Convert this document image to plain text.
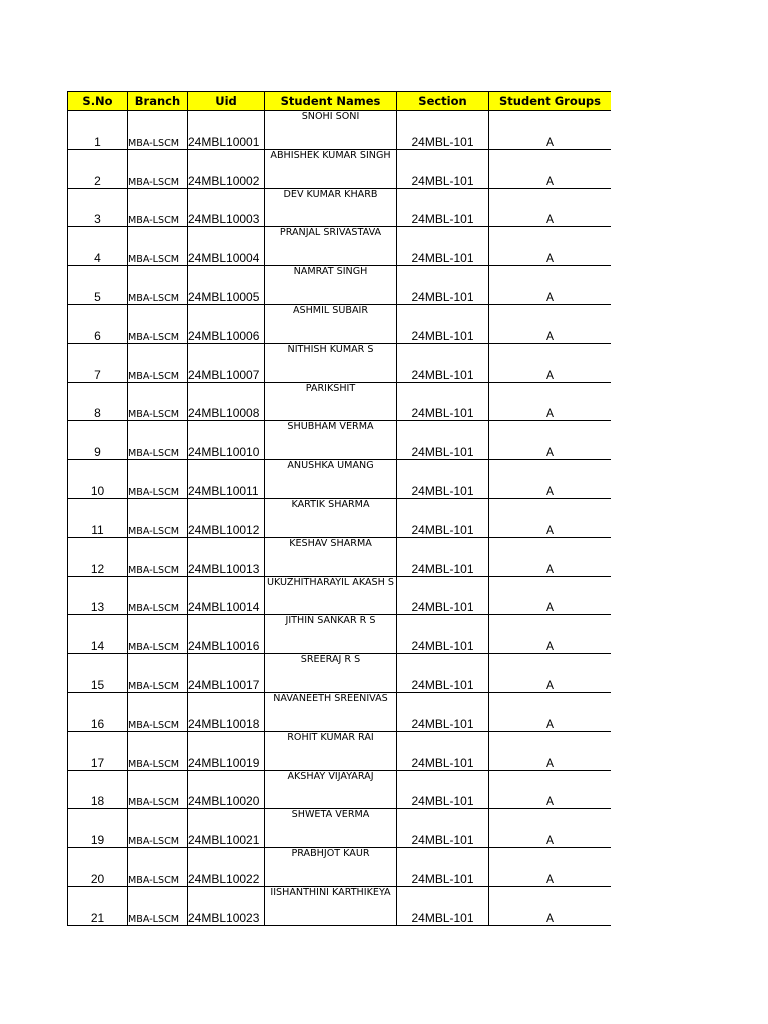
S.No	Branch	Uid	Student Names	Section	Student Groups
1	MBA-LSCM	24MBL10001	SNOHI SONI	24MBL-101	A
2	MBA-LSCM	24MBL10002	ABHISHEK KUMAR SINGH	24MBL-101	A
3	MBA-LSCM	24MBL10003	DEV KUMAR KHARB	24MBL-101	A
4	MBA-LSCM	24MBL10004	PRANJAL SRIVASTAVA	24MBL-101	A
5	MBA-LSCM	24MBL10005	NAMRAT SINGH	24MBL-101	A
6	MBA-LSCM	24MBL10006	ASHMIL SUBAIR	24MBL-101	A
7	MBA-LSCM	24MBL10007	NITHISH KUMAR S	24MBL-101	A
8	MBA-LSCM	24MBL10008	PARIKSHIT	24MBL-101	A
9	MBA-LSCM	24MBL10010	SHUBHAM VERMA	24MBL-101	A
10	MBA-LSCM	24MBL10011	ANUSHKA UMANG	24MBL-101	A
11	MBA-LSCM	24MBL10012	KARTIK SHARMA	24MBL-101	A
12	MBA-LSCM	24MBL10013	KESHAV SHARMA	24MBL-101	A
13	MBA-LSCM	24MBL10014	UKUZHITHARAYIL AKASH S	24MBL-101	A
14	MBA-LSCM	24MBL10016	JITHIN SANKAR R S	24MBL-101	A
15	MBA-LSCM	24MBL10017	SREERAJ R S	24MBL-101	A
16	MBA-LSCM	24MBL10018	NAVANEETH SREENIVAS	24MBL-101	A
17	MBA-LSCM	24MBL10019	ROHIT KUMAR RAI	24MBL-101	A
18	MBA-LSCM	24MBL10020	AKSHAY VIJAYARAJ	24MBL-101	A
19	MBA-LSCM	24MBL10021	SHWETA VERMA	24MBL-101	A
20	MBA-LSCM	24MBL10022	PRABHJOT KAUR	24MBL-101	A
21	MBA-LSCM	24MBL10023	IISHANTHINI KARTHIKEYA	24MBL-101	A
